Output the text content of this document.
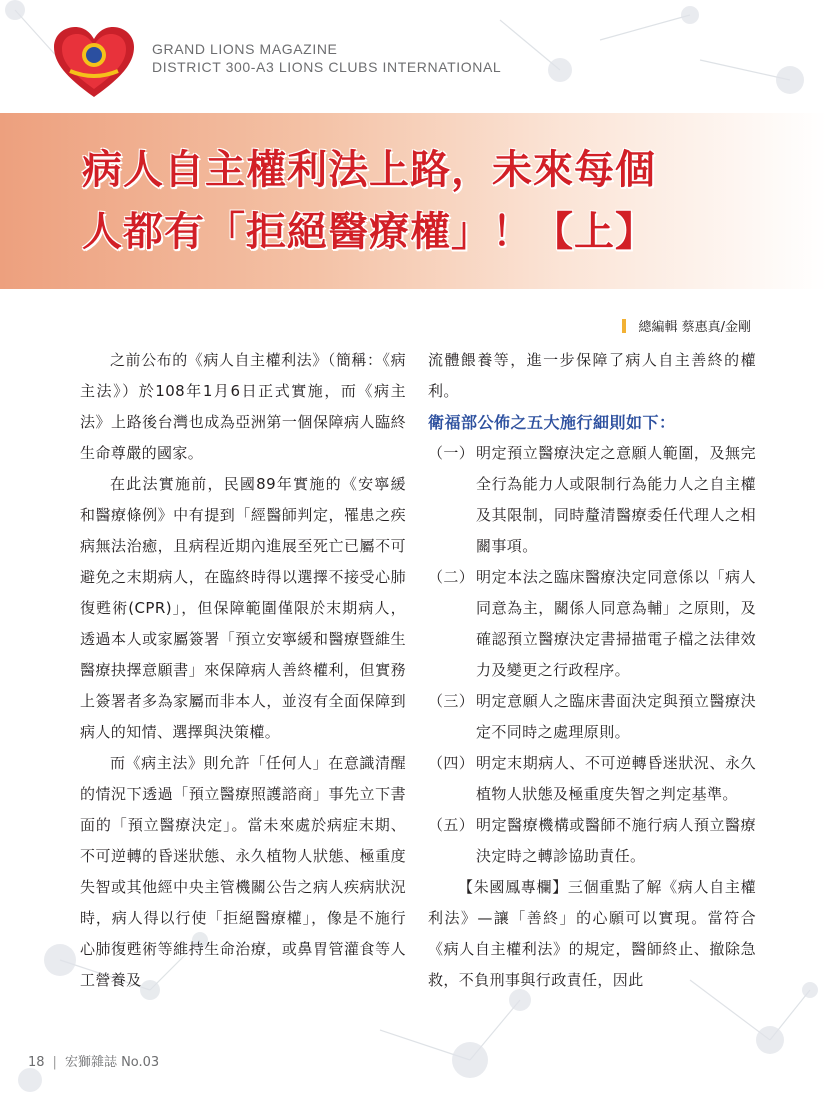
GRAND LIONS MAGAZINE
DISTRICT 300-A3 LIONS CLUBS INTERNATIONAL
病人自主權利法上路，未來每個
人都有「拒絕醫療權」！【上】
總編輯 蔡惠真/金剛

之前公布的《病人自主權利法》（簡稱：《病主法》）於108年1月6日正式實施，而《病主法》上路後台灣也成為亞洲第一個保障病人臨終生命尊嚴的國家。

在此法實施前，民國89年實施的《安寧緩和醫療條例》中有提到「經醫師判定，罹患之疾病無法治癒，且病程近期內進展至死亡已屬不可避免之末期病人，在臨終時得以選擇不接受心肺復甦術(CPR)」，但保障範圍僅限於末期病人，透過本人或家屬簽署「預立安寧緩和醫療暨維生醫療抉擇意願書」來保障病人善終權利，但實務上簽署者多為家屬而非本人，並沒有全面保障到病人的知情、選擇與決策權。

而《病主法》則允許「任何人」在意識清醒的情況下透過「預立醫療照護諮商」事先立下書面的「預立醫療決定」。當未來處於病症末期、不可逆轉的昏迷狀態、永久植物人狀態、極重度失智或其他經中央主管機關公告之病人疾病狀況時，病人得以行使「拒絕醫療權」，像是不施行心肺復甦術等維持生命治療，或鼻胃管灌食等人工營養及

流體餵養等，進一步保障了病人自主善終的權利。

衛福部公佈之五大施行細則如下：

（一） 明定預立醫療決定之意願人範圍，及無完全行為能力人或限制行為能力人之自主權及其限制，同時釐清醫療委任代理人之相關事項。
（二） 明定本法之臨床醫療決定同意係以「病人同意為主，關係人同意為輔」之原則，及確認預立醫療決定書掃描電子檔之法律效力及變更之行政程序。
（三） 明定意願人之臨床書面決定與預立醫療決定不同時之處理原則。
（四） 明定末期病人、不可逆轉昏迷狀況、永久植物人狀態及極重度失智之判定基準。
（五） 明定醫療機構或醫師不施行病人預立醫療決定時之轉診協助責任。

【朱國鳳專欄】三個重點了解《病人自主權利法》—讓「善終」的心願可以實現。當符合《病人自主權利法》的規定，醫師終止、撤除急救，不負刑事與行政責任，因此

18 | 宏獅雜誌 No.03
